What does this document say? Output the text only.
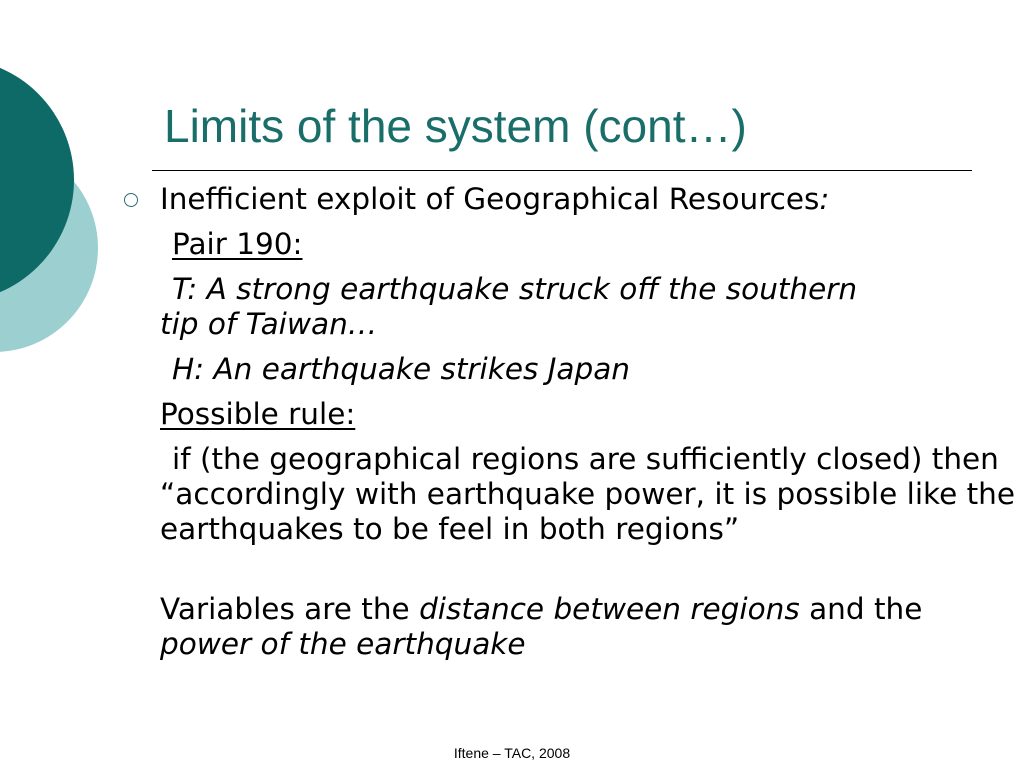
Limits of the system (cont…)

Inefficient exploit of Geographical Resources:

Pair 190:

T: A strong earthquake struck off the southern

tip of Taiwan…

H: An earthquake strikes Japan

Possible rule:

if (the geographical regions are sufficiently closed) then “accordingly with earthquake power, it is possible like the earthquakes to be feel in both regions”

Variables are the distance between regions and the power of the earthquake

Iftene – TAC, 2008
